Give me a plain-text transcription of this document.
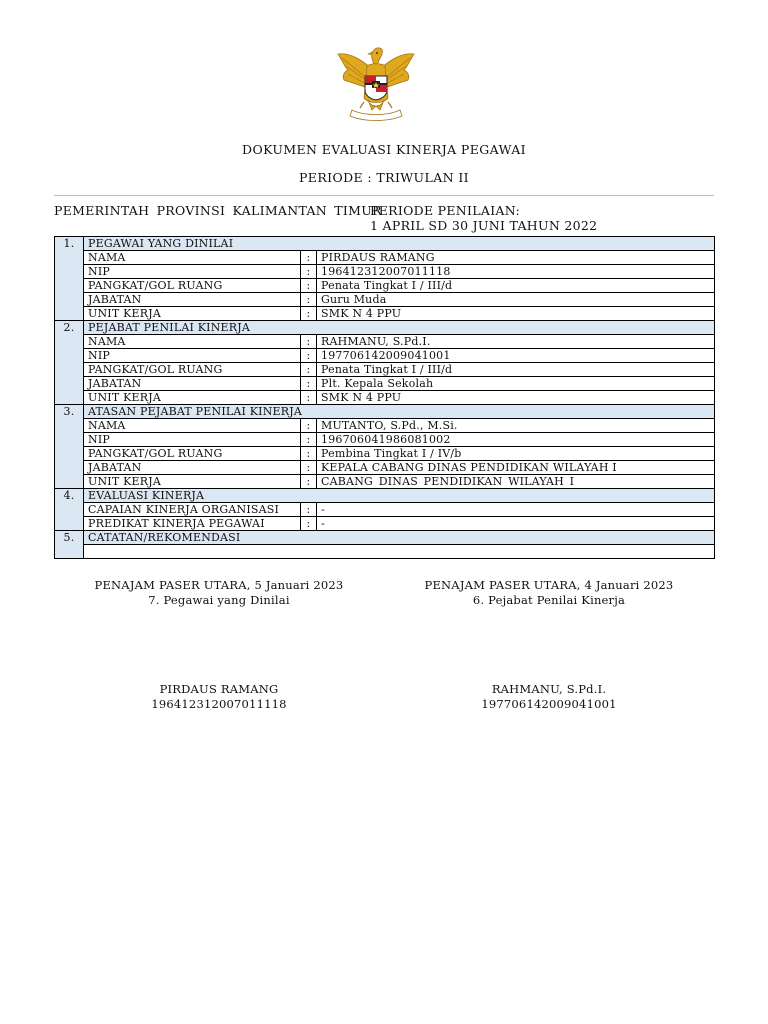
DOKUMEN EVALUASI KINERJA PEGAWAI
PERIODE : TRIWULAN II
PEMERINTAH PROVINSI KALIMANTAN TIMUR
PERIODE PENILAIAN:
1 APRIL SD 30 JUNI TAHUN 2022
1.	PEGAWAI YANG DINILAI		
	NAMA	:	PIRDAUS RAMANG
	NIP	:	196412312007011118
	PANGKAT/GOL RUANG	:	Penata Tingkat I / III/d
	JABATAN	:	Guru Muda
	UNIT KERJA	:	SMK N 4 PPU
2.	PEJABAT PENILAI KINERJA		
	NAMA	:	RAHMANU, S.Pd.I.
	NIP	:	197706142009041001
	PANGKAT/GOL RUANG	:	Penata Tingkat I / III/d
	JABATAN	:	Plt. Kepala Sekolah
	UNIT KERJA	:	SMK N 4 PPU
3.	ATASAN PEJABAT PENILAI KINERJA		
	NAMA	:	MUTANTO, S.Pd., M.Si.
	NIP	:	196706041986081002
	PANGKAT/GOL RUANG	:	Pembina Tingkat I / IV/b
	JABATAN	:	KEPALA CABANG DINAS PENDIDIKAN WILAYAH I
	UNIT KERJA	:	CABANG DINAS PENDIDIKAN WILAYAH I
4.	EVALUASI KINERJA		
	CAPAIAN KINERJA ORGANISASI	:	-
	PREDIKAT KINERJA PEGAWAI	:	-
5.	CATATAN/REKOMENDASI		

PENAJAM PASER UTARA, 5 Januari 2023
7. Pegawai yang Dinilai
PIRDAUS RAMANG
196412312007011118
PENAJAM PASER UTARA, 4 Januari 2023
6. Pejabat Penilai Kinerja
RAHMANU, S.Pd.I.
197706142009041001
